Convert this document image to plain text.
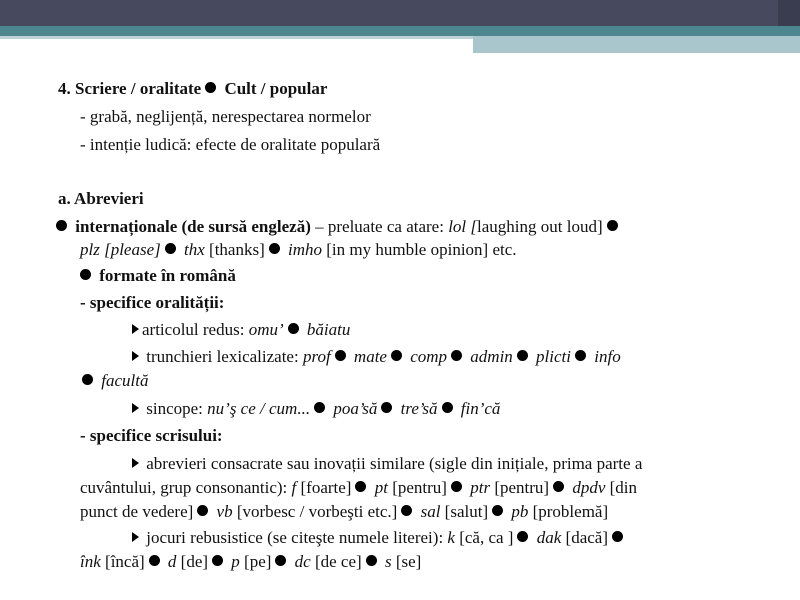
4. Scriere / oralitate Cult / popular
- grabă, neglijență, nerespectarea normelor
- intenție ludică: efecte de oralitate populară
a. Abrevieri
internaționale (de sursă engleză) – preluate ca atare: lol [laughing out loud]
plz [please] thx [thanks] imho [in my humble opinion] etc.
formate în română
- specifice oralității:
articolul redus: omu’ băiatu
trunchieri lexicalizate: prof mate comp admin plicti info
facultă
sincope: nu’ş ce / cum... poa’să tre’să fin’că
- specifice scrisului:
abrevieri consacrate sau inovații similare (sigle din inițiale, prima parte a
cuvântului, grup consonantic): f [foarte] pt [pentru] ptr [pentru] dpdv [din
punct de vedere] vb [vorbesc / vorbeşti etc.] sal [salut] pb [problemă]
jocuri rebusistice (se citeşte numele literei): k [că, ca ] dak [dacă]
înk [încă] d [de] p [pe] dc [de ce] s [se]
